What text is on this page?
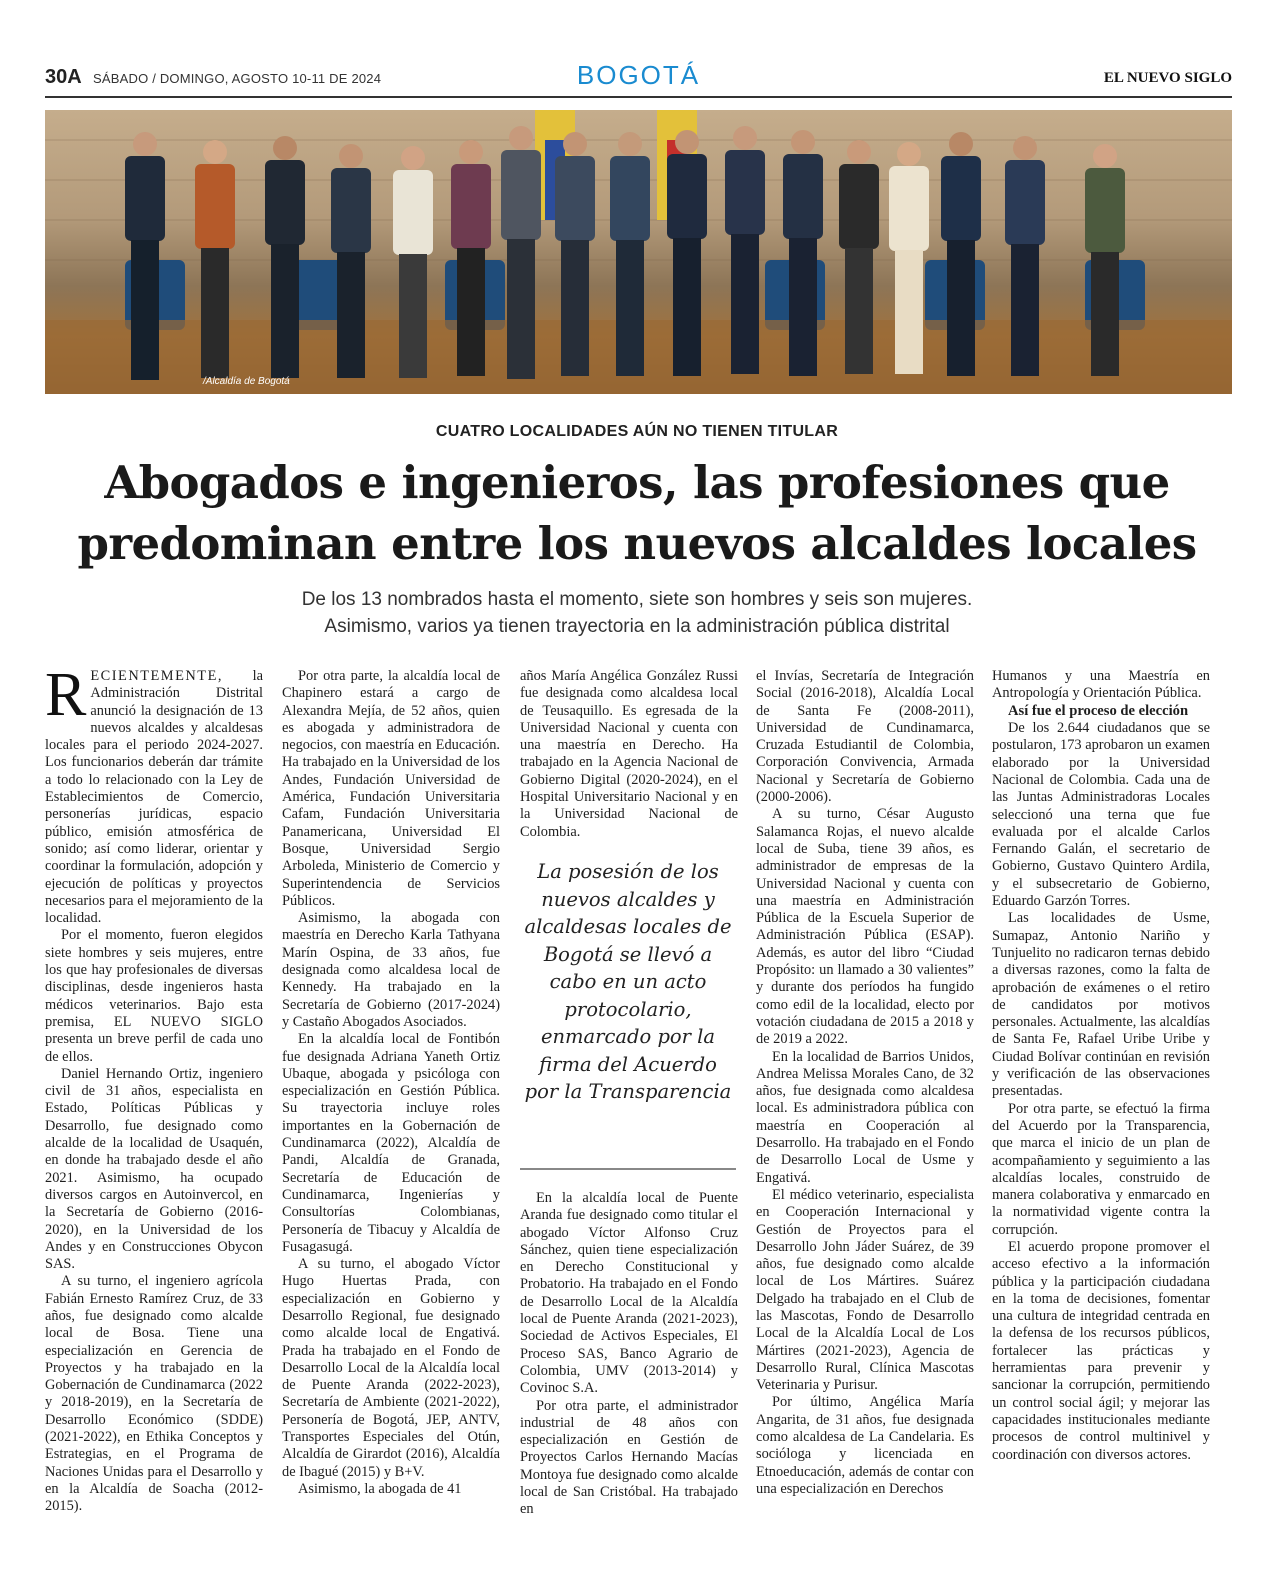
30A SÁBADO / DOMINGO, AGOSTO 10-11 DE 2024	BOGOTÁ	EL NUEVO SIGLO
/Alcaldía de Bogotá
CUATRO LOCALIDADES AÚN NO TIENEN TITULAR
Abogados e ingenieros, las profesiones que
predominan entre los nuevos alcaldes locales
De los 13 nombrados hasta el momento, siete son hombres y seis son mujeres.
Asimismo, varios ya tienen trayectoria en la administración pública distrital

RECIENTEMENTE, la Administración Distrital anunció la designación de 13 nuevos alcaldes y alcaldesas locales para el periodo 2024-2027. Los funcionarios deberán dar trámite a todo lo relacionado con la Ley de Establecimientos de Comercio, personerías jurídicas, espacio público, emisión atmosférica de sonido; así como liderar, orientar y coordinar la formulación, adopción y ejecución de políticas y proyectos necesarios para el mejoramiento de la localidad.

Por el momento, fueron elegidos siete hombres y seis mujeres, entre los que hay profesionales de diversas disciplinas, desde ingenieros hasta médicos veterinarios. Bajo esta premisa, EL NUEVO SIGLO presenta un breve perfil de cada uno de ellos.

Daniel Hernando Ortiz, ingeniero civil de 31 años, especialista en Estado, Políticas Públicas y Desarrollo, fue designado como alcalde de la localidad de Usaquén, en donde ha trabajado desde el año 2021. Asimismo, ha ocupado diversos cargos en Autoinvercol, en la Secretaría de Gobierno (2016-2020), en la Universidad de los Andes y en Construcciones Obycon SAS.

A su turno, el ingeniero agrícola Fabián Ernesto Ramírez Cruz, de 33 años, fue designado como alcalde local de Bosa. Tiene una especialización en Gerencia de Proyectos y ha trabajado en la Gobernación de Cundinamarca (2022 y 2018-2019), en la Secretaría de Desarrollo Económico (SDDE) (2021-2022), en Ethika Conceptos y Estrategias, en el Programa de Naciones Unidas para el Desarrollo y en la Alcaldía de Soacha (2012-2015).

Por otra parte, la alcaldía local de Chapinero estará a cargo de Alexandra Mejía, de 52 años, quien es abogada y administradora de negocios, con maestría en Educación. Ha trabajado en la Universidad de los Andes, Fundación Universidad de América, Fundación Universitaria Cafam, Fundación Universitaria Panamericana, Universidad El Bosque, Universidad Sergio Arboleda, Ministerio de Comercio y Superintendencia de Servicios Públicos.

Asimismo, la abogada con maestría en Derecho Karla Tathyana Marín Ospina, de 33 años, fue designada como alcaldesa local de Kennedy. Ha trabajado en la Secretaría de Gobierno (2017-2024) y Castaño Abogados Asociados.

En la alcaldía local de Fontibón fue designada Adriana Yaneth Ortiz Ubaque, abogada y psicóloga con especialización en Gestión Pública. Su trayectoria incluye roles importantes en la Gobernación de Cundinamarca (2022), Alcaldía de Pandi, Alcaldía de Granada, Secretaría de Educación de Cundinamarca, Ingenierías y Consultorías Colombianas, Personería de Tibacuy y Alcaldía de Fusagasugá.

A su turno, el abogado Víctor Hugo Huertas Prada, con especialización en Gobierno y Desarrollo Regional, fue designado como alcalde local de Engativá. Prada ha trabajado en el Fondo de Desarrollo Local de la Alcaldía local de Puente Aranda (2022-2023), Secretaría de Ambiente (2021-2022), Personería de Bogotá, JEP, ANTV, Transportes Especiales del Otún, Alcaldía de Girardot (2016), Alcaldía de Ibagué (2015) y B+V.

Asimismo, la abogada de 41

años María Angélica González Russi fue designada como alcaldesa local de Teusaquillo. Es egresada de la Universidad Nacional y cuenta con una maestría en Derecho. Ha trabajado en la Agencia Nacional de Gobierno Digital (2020-2024), en el Hospital Universitario Nacional y en la Universidad Nacional de Colombia.

La posesión de los nuevos alcaldes y alcaldesas locales de Bogotá se llevó a cabo en un acto protocolario, enmarcado por la firma del Acuerdo por la Transparencia

En la alcaldía local de Puente Aranda fue designado como titular el abogado Víctor Alfonso Cruz Sánchez, quien tiene especialización en Derecho Constitucional y Probatorio. Ha trabajado en el Fondo de Desarrollo Local de la Alcaldía local de Puente Aranda (2021-2023), Sociedad de Activos Especiales, El Proceso SAS, Banco Agrario de Colombia, UMV (2013-2014) y Covinoc S.A.

Por otra parte, el administrador industrial de 48 años con especialización en Gestión de Proyectos Carlos Hernando Macías Montoya fue designado como alcalde local de San Cristóbal. Ha trabajado en

el Invías, Secretaría de Integración Social (2016-2018), Alcaldía Local de Santa Fe (2008-2011), Universidad de Cundinamarca, Cruzada Estudiantil de Colombia, Corporación Convivencia, Armada Nacional y Secretaría de Gobierno (2000-2006).

A su turno, César Augusto Salamanca Rojas, el nuevo alcalde local de Suba, tiene 39 años, es administrador de empresas de la Universidad Nacional y cuenta con una maestría en Administración Pública de la Escuela Superior de Administración Pública (ESAP). Además, es autor del libro “Ciudad Propósito: un llamado a 30 valientes” y durante dos períodos ha fungido como edil de la localidad, electo por votación ciudadana de 2015 a 2018 y de 2019 a 2022.

En la localidad de Barrios Unidos, Andrea Melissa Morales Cano, de 32 años, fue designada como alcaldesa local. Es administradora pública con maestría en Cooperación al Desarrollo. Ha trabajado en el Fondo de Desarrollo Local de Usme y Engativá.

El médico veterinario, especialista en Cooperación Internacional y Gestión de Proyectos para el Desarrollo John Jáder Suárez, de 39 años, fue designado como alcalde local de Los Mártires. Suárez Delgado ha trabajado en el Club de las Mascotas, Fondo de Desarrollo Local de la Alcaldía Local de Los Mártires (2021-2023), Agencia de Desarrollo Rural, Clínica Mascotas Veterinaria y Purisur.

Por último, Angélica María Angarita, de 31 años, fue designada como alcaldesa de La Candelaria. Es socióloga y licenciada en Etnoeducación, además de contar con una especialización en Derechos

Humanos y una Maestría en Antropología y Orientación Pública.

Así fue el proceso de elección

De los 2.644 ciudadanos que se postularon, 173 aprobaron un examen elaborado por la Universidad Nacional de Colombia. Cada una de las Juntas Administradoras Locales seleccionó una terna que fue evaluada por el alcalde Carlos Fernando Galán, el secretario de Gobierno, Gustavo Quintero Ardila, y el subsecretario de Gobierno, Eduardo Garzón Torres.

Las localidades de Usme, Sumapaz, Antonio Nariño y Tunjuelito no radicaron ternas debido a diversas razones, como la falta de aprobación de exámenes o el retiro de candidatos por motivos personales. Actualmente, las alcaldías de Santa Fe, Rafael Uribe Uribe y Ciudad Bolívar continúan en revisión y verificación de las observaciones presentadas.

Por otra parte, se efectuó la firma del Acuerdo por la Transparencia, que marca el inicio de un plan de acompañamiento y seguimiento a las alcaldías locales, construido de manera colaborativa y enmarcado en la normatividad vigente contra la corrupción.

El acuerdo propone promover el acceso efectivo a la información pública y la participación ciudadana en la toma de decisiones, fomentar una cultura de integridad centrada en la defensa de los recursos públicos, fortalecer las prácticas y herramientas para prevenir y sancionar la corrupción, permitiendo un control social ágil; y mejorar las capacidades institucionales mediante procesos de control multinivel y coordinación con diversos actores.
